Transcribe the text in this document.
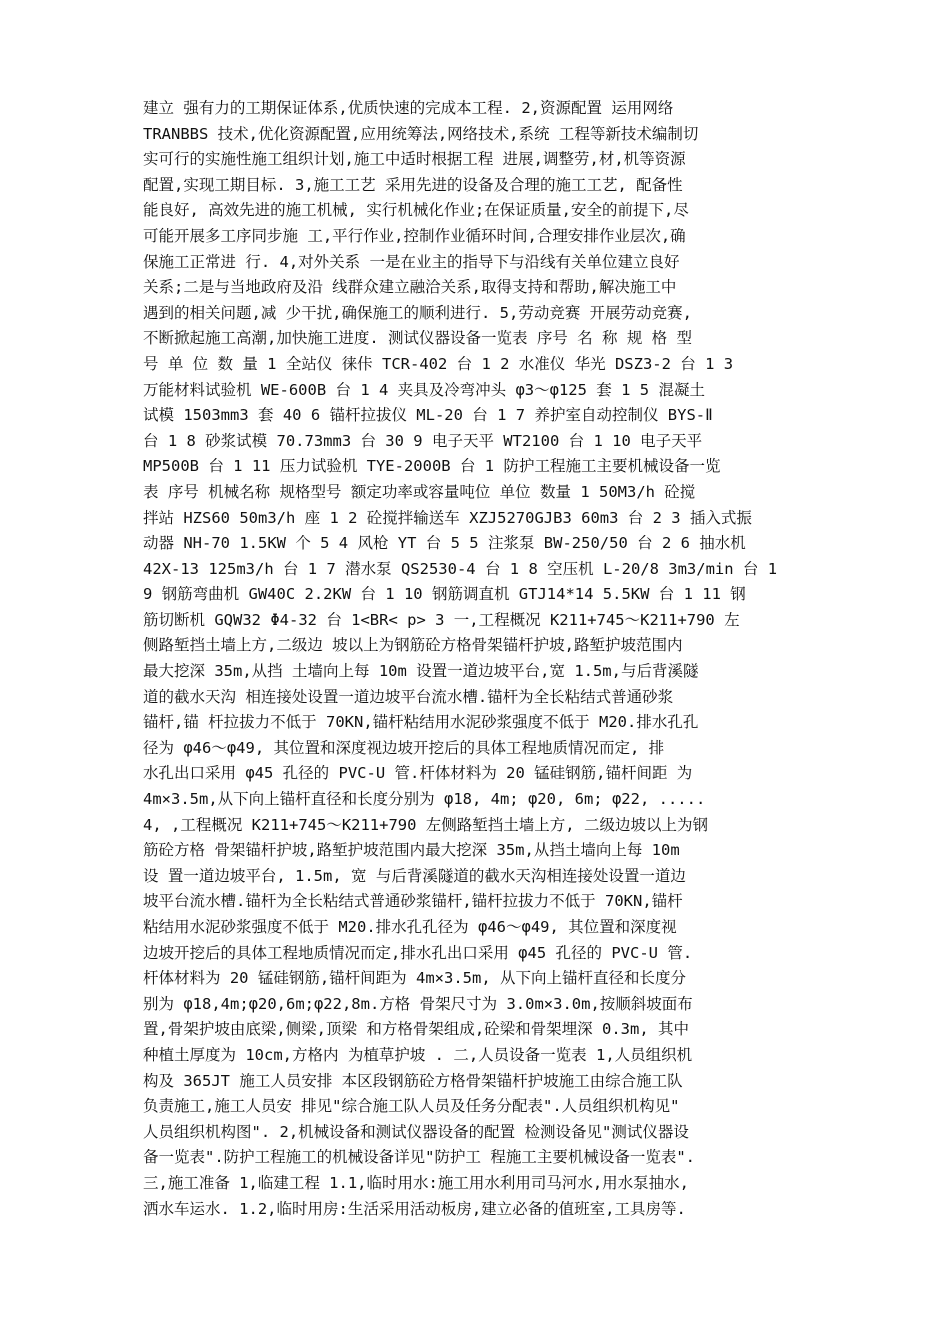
建立 强有力的工期保证体系,优质快速的完成本工程. 2,资源配置 运用网络
TRANBBS 技术,优化资源配置,应用统筹法,网络技术,系统 工程等新技术编制切
实可行的实施性施工组织计划,施工中适时根据工程 进展,调整劳,材,机等资源
配置,实现工期目标. 3,施工工艺 采用先进的设备及合理的施工工艺, 配备性
能良好, 高效先进的施工机械, 实行机械化作业;在保证质量,安全的前提下,尽
可能开展多工序同步施 工,平行作业,控制作业循环时间,合理安排作业层次,确
保施工正常进 行. 4,对外关系 一是在业主的指导下与沿线有关单位建立良好
关系;二是与当地政府及沿 线群众建立融洽关系,取得支持和帮助,解决施工中
遇到的相关问题,减 少干扰,确保施工的顺利进行. 5,劳动竞赛 开展劳动竞赛,
不断掀起施工高潮,加快施工进度. 测试仪器设备一览表 序号 名 称 规 格 型
号 单 位 数 量 1 全站仪 徕佧 TCR-402 台 1 2 水准仪 华光 DSZ3-2 台 1 3
万能材料试验机 WE-600B 台 1 4 夹具及冷弯冲头 φ3～φ125 套 1 5 混凝土
试模 1503mm3 套 40 6 锚杆拉拔仪 ML-20 台 1 7 养护室自动控制仪 BYS-Ⅱ
台 1 8 砂浆试模 70.73mm3 台 30 9 电子天平 WT2100 台 1 10 电子天平
MP500B 台 1 11 压力试验机 TYE-2000B 台 1 防护工程施工主要机械设备一览
表 序号 机械名称 规格型号 额定功率或容量吨位 单位 数量 1 50M3/h 砼搅
拌站 HZS60 50m3/h 座 1 2 砼搅拌输送车 XZJ5270GJB3 60m3 台 2 3 插入式振
动器 NH-70 1.5KW 个 5 4 风枪 YT 台 5 5 注浆泵 BW-250/50 台 2 6 抽水机
42X-13 125m3/h 台 1 7 潜水泵 QS2530-4 台 1 8 空压机 L-20/8 3m3/min 台 1
9 钢筋弯曲机 GW40C 2.2KW 台 1 10 钢筋调直机 GTJ14*14 5.5KW 台 1 11 钢
筋切断机 GQW32 Φ4-32 台 1<BR< p> 3 一,工程概况 K211+745～K211+790 左
侧路堑挡土墙上方,二级边 坡以上为钢筋砼方格骨架锚杆护坡,路堑护坡范围内
最大挖深 35m,从挡 土墙向上每 10m 设置一道边坡平台,宽 1.5m,与后背溪隧
道的截水天沟 相连接处设置一道边坡平台流水槽.锚杆为全长粘结式普通砂浆
锚杆,锚 杆拉拔力不低于 70KN,锚杆粘结用水泥砂浆强度不低于 M20.排水孔孔
径为 φ46～φ49, 其位置和深度视边坡开挖后的具体工程地质情况而定, 排
水孔出口采用 φ45 孔径的 PVC-U 管.杆体材料为 20 锰硅钢筋,锚杆间距 为
4m×3.5m,从下向上锚杆直径和长度分别为 φ18, 4m; φ20, 6m; φ22, .....
4, ,工程概况 K211+745～K211+790 左侧路堑挡土墙上方, 二级边坡以上为钢
筋砼方格 骨架锚杆护坡,路堑护坡范围内最大挖深 35m,从挡土墙向上每 10m
设 置一道边坡平台, 1.5m, 宽 与后背溪隧道的截水天沟相连接处设置一道边
坡平台流水槽.锚杆为全长粘结式普通砂浆锚杆,锚杆拉拔力不低于 70KN,锚杆
粘结用水泥砂浆强度不低于 M20.排水孔孔径为 φ46～φ49, 其位置和深度视
边坡开挖后的具体工程地质情况而定,排水孔出口采用 φ45 孔径的 PVC-U 管.
杆体材料为 20 锰硅钢筋,锚杆间距为 4m×3.5m, 从下向上锚杆直径和长度分
别为 φ18,4m;φ20,6m;φ22,8m.方格 骨架尺寸为 3.0m×3.0m,按顺斜坡面布
置,骨架护坡由底梁,侧梁,顶梁 和方格骨架组成,砼梁和骨架埋深 0.3m, 其中
种植土厚度为 10cm,方格内 为植草护坡 . 二,人员设备一览表 1,人员组织机
构及 365JT 施工人员安排 本区段钢筋砼方格骨架锚杆护坡施工由综合施工队
负责施工,施工人员安 排见"综合施工队人员及任务分配表".人员组织机构见"
人员组织机构图". 2,机械设备和测试仪器设备的配置 检测设备见"测试仪器设
备一览表".防护工程施工的机械设备详见"防护工 程施工主要机械设备一览表".
三,施工准备 1,临建工程 1.1,临时用水:施工用水利用司马河水,用水泵抽水,
洒水车运水. 1.2,临时用房:生活采用活动板房,建立必备的值班室,工具房等.
